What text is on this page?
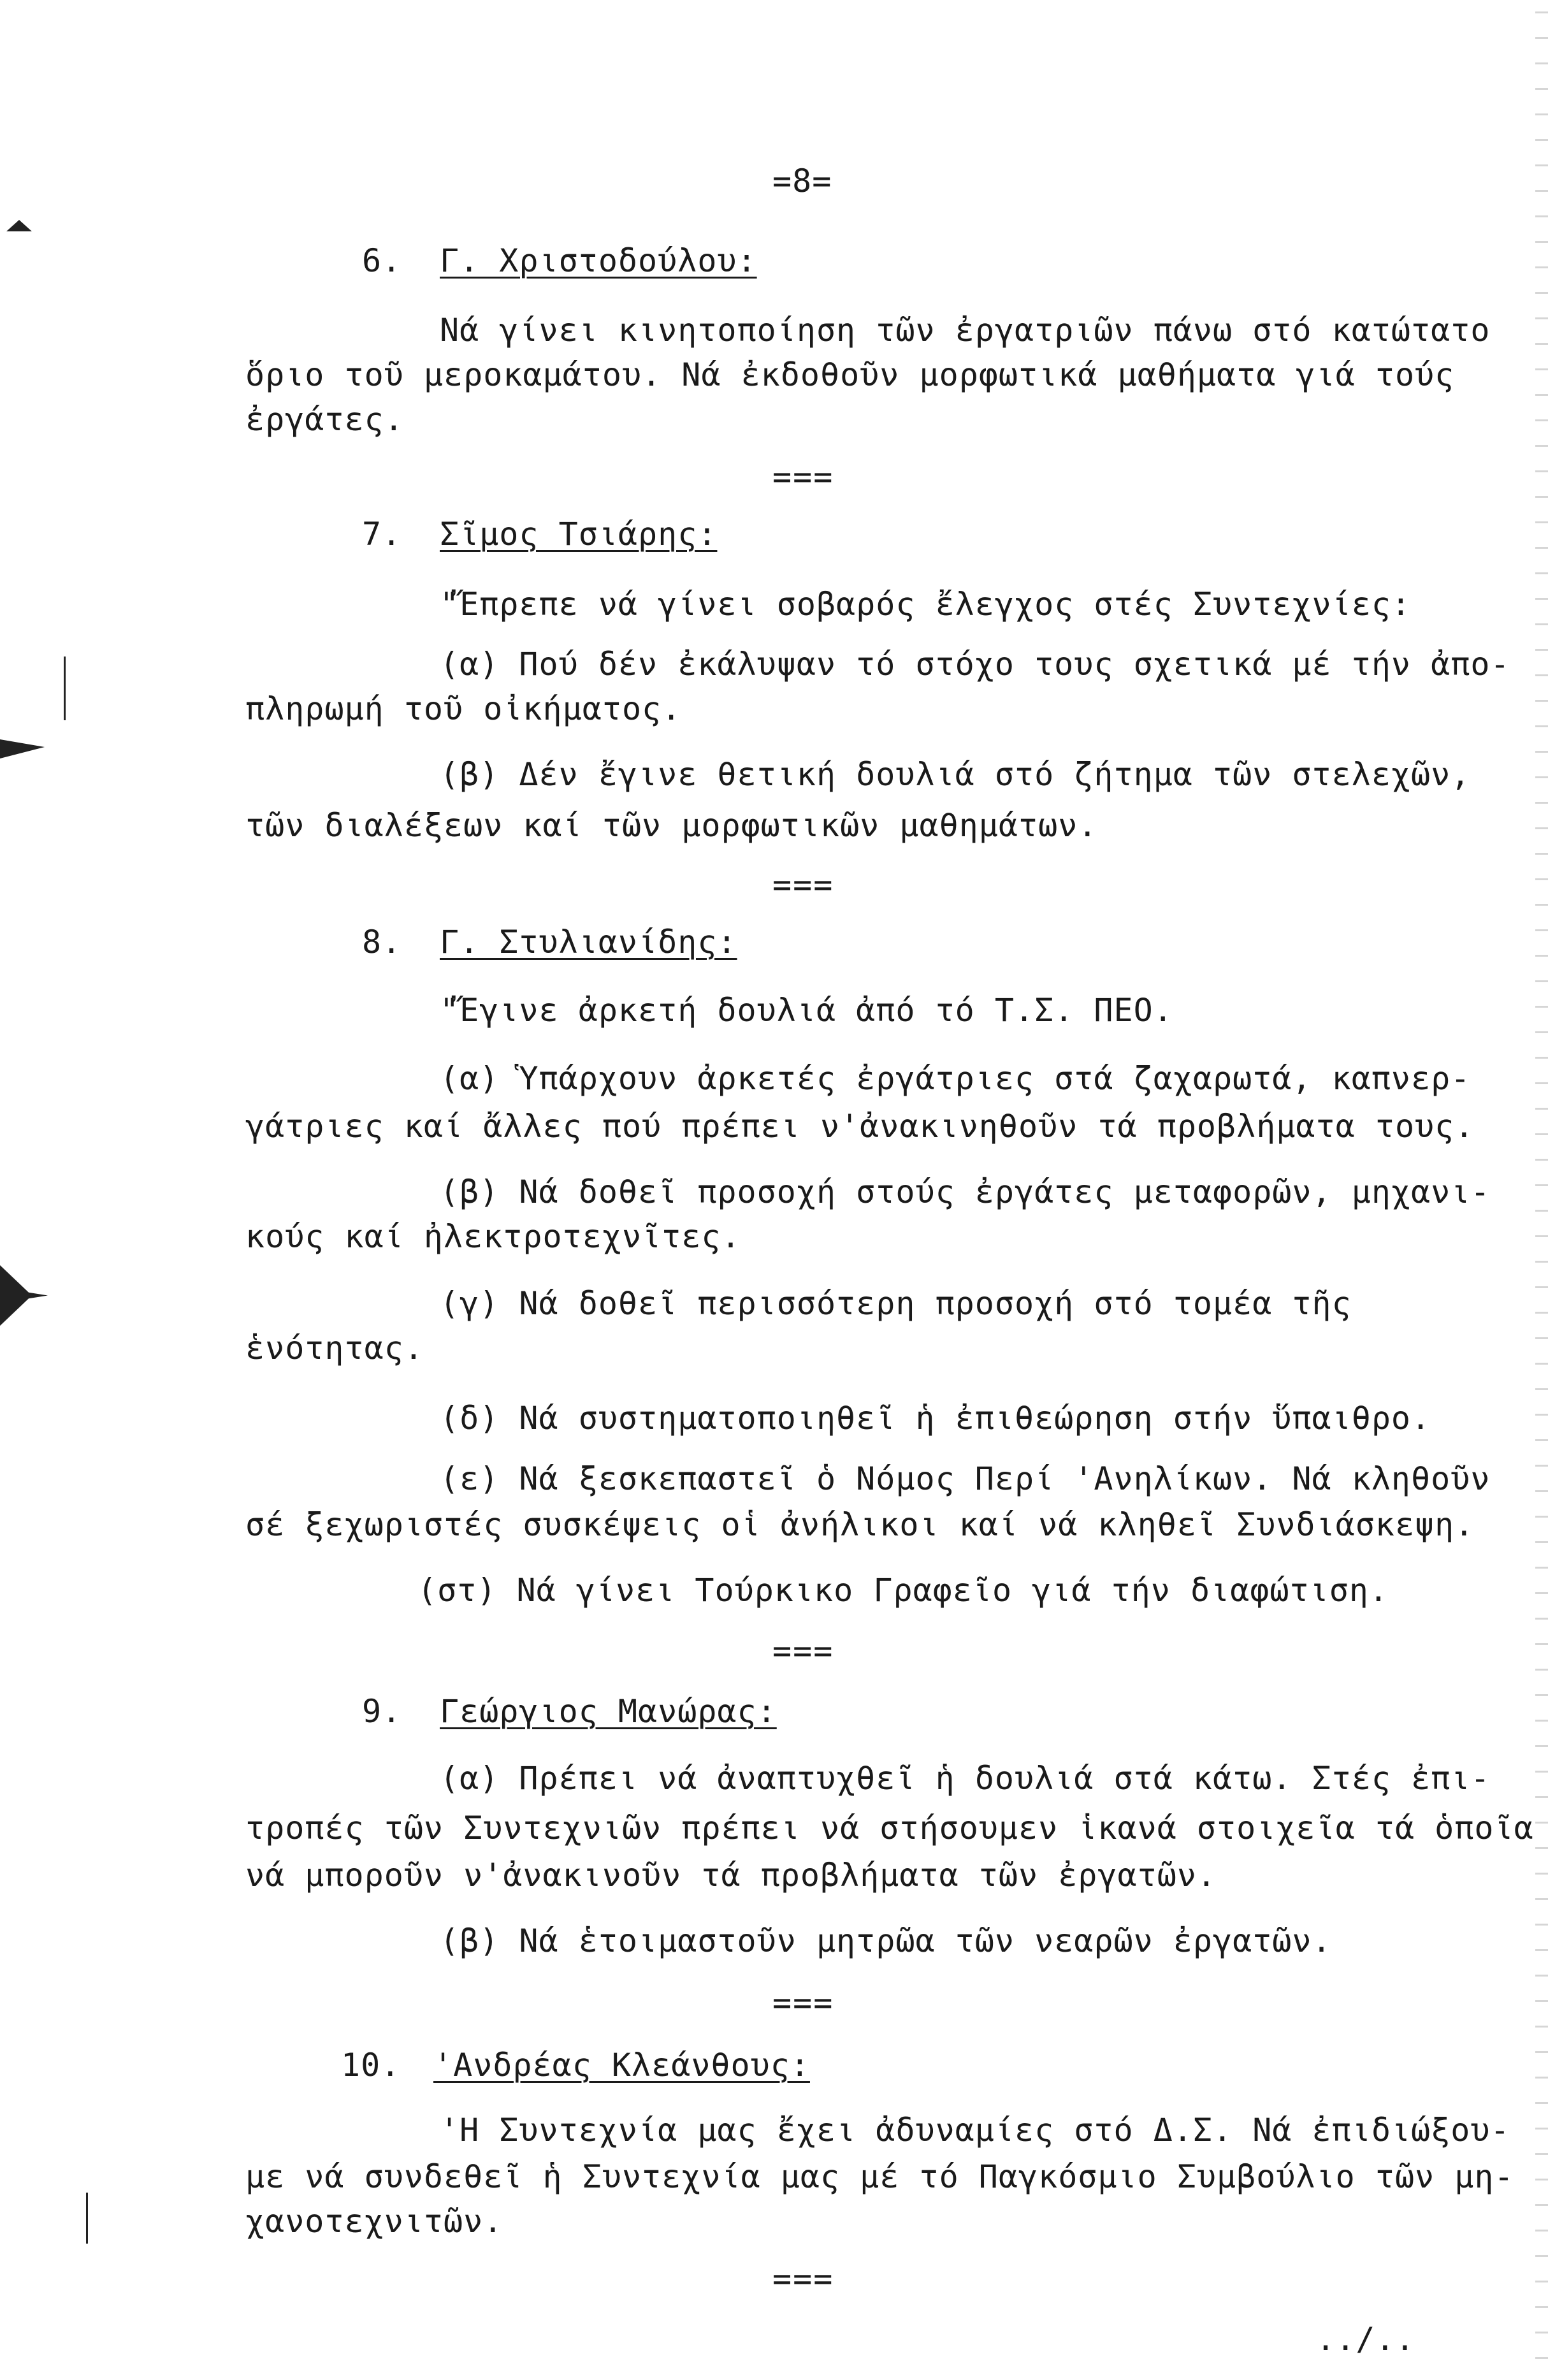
=8=
6. Γ. Χριστοδούλου:
Νά γίνει κινητοποίηση τῶν ἐργατριῶν πάνω στό κατώτατο
ὅριο τοῦ μεροκαμάτου. Νά ἐκδοθοῦν μορφωτικά μαθήματα γιά τούς
ἐργάτες.
===
7. Σῖμος Τσιάρης:
"Ἔπρεπε νά γίνει σοβαρός ἔλεγχος στές Συντεχνίες:
(α) Πού δέν ἐκάλυψαν τό στόχο τους σχετικά μέ τήν ἀπο-
πληρωμή τοῦ οἰκήματος.
(β) Δέν ἔγινε θετική δουλιά στό ζήτημα τῶν στελεχῶν,
τῶν διαλέξεων καί τῶν μορφωτικῶν μαθημάτων.
===
8. Γ. Στυλιανίδης:
"Ἔγινε ἀρκετή δουλιά ἀπό τό Τ.Σ. ΠΕΟ.
(α) Ὑπάρχουν ἀρκετές ἐργάτριες στά ζαχαρωτά, καπνερ-
γάτριες καί ἄλλες πού πρέπει ν'ἀνακινηθοῦν τά προβλήματα τους.
(β) Νά δοθεῖ προσοχή στούς ἐργάτες μεταφορῶν, μηχανι-
κούς καί ἠλεκτροτεχνῖτες.
(γ) Νά δοθεῖ περισσότερη προσοχή στό τομέα τῆς
ἑνότητας.
(δ) Νά συστηματοποιηθεῖ ἡ ἐπιθεώρηση στήν ὕπαιθρο.
(ε) Νά ξεσκεπαστεῖ ὁ Νόμος Περί 'Ανηλίκων. Νά κληθοῦν
σέ ξεχωριστές συσκέψεις οἱ ἀνήλικοι καί νά κληθεῖ Συνδιάσκεψη.
(στ) Νά γίνει Τούρκικο Γραφεῖο γιά τήν διαφώτιση.
===
9. Γεώργιος Μανώρας:
(α) Πρέπει νά ἀναπτυχθεῖ ἡ δουλιά στά κάτω. Στές ἐπι-
τροπές τῶν Συντεχνιῶν πρέπει νά στήσουμεν ἱκανά στοιχεῖα τά ὁποῖα
νά μποροῦν ν'ἀνακινοῦν τά προβλήματα τῶν ἐργατῶν.
(β) Νά ἑτοιμαστοῦν μητρῶα τῶν νεαρῶν ἐργατῶν.
===
10. 'Ανδρέας Κλεάνθους:
'Η Συντεχνία μας ἔχει ἀδυναμίες στό Δ.Σ. Νά ἐπιδιώξου-
με νά συνδεθεῖ ἡ Συντεχνία μας μέ τό Παγκόσμιο Συμβούλιο τῶν μη-
χανοτεχνιτῶν.
===
../..
